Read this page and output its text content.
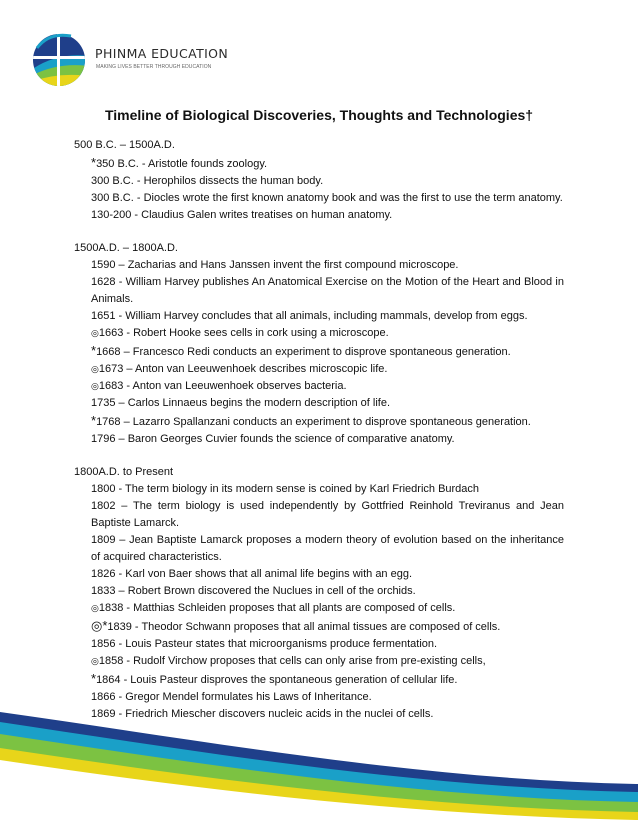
PHINMA EDUCATION
MAKING LIVES BETTER THROUGH EDUCATION
Timeline of Biological Discoveries, Thoughts and Technologies†

500 B.C. – 1500A.D.

*350 B.C. - Aristotle founds zoology.

300 B.C. - Herophilos dissects the human body.

300 B.C. - Diocles wrote the first known anatomy book and was the first to use the term anatomy.

130-200 - Claudius Galen writes treatises on human anatomy.

1500A.D. – 1800A.D.

1590 – Zacharias and Hans Janssen invent the first compound microscope.

1628 - William Harvey publishes An Anatomical Exercise on the Motion of the Heart and Blood in Animals.

1651 - William Harvey concludes that all animals, including mammals, develop from eggs.

◎1663 - Robert Hooke sees cells in cork using a microscope.

*1668 – Francesco Redi conducts an experiment to disprove spontaneous generation.

◎1673 – Anton van Leeuwenhoek describes microscopic life.

◎1683 - Anton van Leeuwenhoek observes bacteria.

1735 – Carlos Linnaeus begins the modern description of life.

*1768 – Lazarro Spallanzani conducts an experiment to disprove spontaneous generation.

1796 – Baron Georges Cuvier founds the science of comparative anatomy.

1800A.D. to Present

1800 - The term biology in its modern sense is coined by Karl Friedrich Burdach

1802 – The term biology is used independently by Gottfried Reinhold Treviranus and Jean Baptiste Lamarck.

1809 – Jean Baptiste Lamarck proposes a modern theory of evolution based on the inheritance of acquired characteristics.

1826 - Karl von Baer shows that all animal life begins with an egg.

1833 – Robert Brown discovered the Nuclues in cell of the orchids.

◎1838 - Matthias Schleiden proposes that all plants are composed of cells.

◎*1839 - Theodor Schwann proposes that all animal tissues are composed of cells.

1856 - Louis Pasteur states that microorganisms produce fermentation.

◎1858 - Rudolf Virchow proposes that cells can only arise from pre-existing cells,

*1864 - Louis Pasteur disproves the spontaneous generation of cellular life.

1866 - Gregor Mendel formulates his Laws of Inheritance.

1869 - Friedrich Miescher discovers nucleic acids in the nuclei of cells.
